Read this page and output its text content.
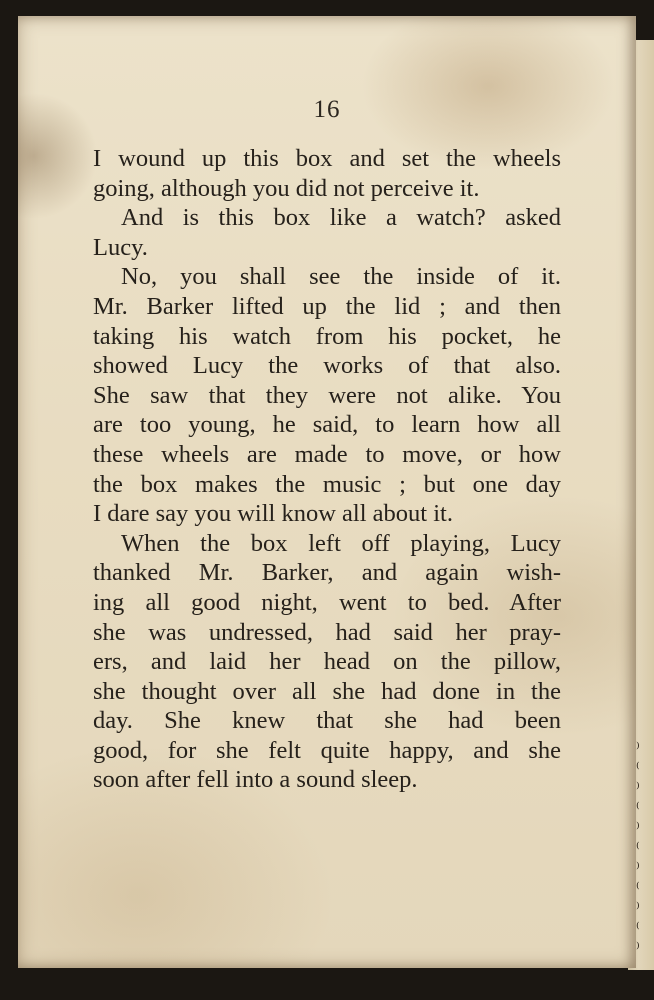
⁾
⁽
⁾
⁽
⁾
⁽
⁾
⁽
⁾
⁽
⁾
16
I wound up this box and set the wheels
going, although you did not perceive it.
And is this box like a watch? asked
Lucy.
No, you shall see the inside of it.
Mr. Barker lifted up the lid ; and then
taking his watch from his pocket, he
showed Lucy the works of that also.
She saw that they were not alike. You
are too young, he said, to learn how all
these wheels are made to move, or how
the box makes the music ; but one day
I dare say you will know all about it.
When the box left off playing, Lucy
thanked Mr. Barker, and again wish-
ing all good night, went to bed. After
she was undressed, had said her pray-
ers, and laid her head on the pillow,
she thought over all she had done in the
day. She knew that she had been
good, for she felt quite happy, and she
soon after fell into a sound sleep.
